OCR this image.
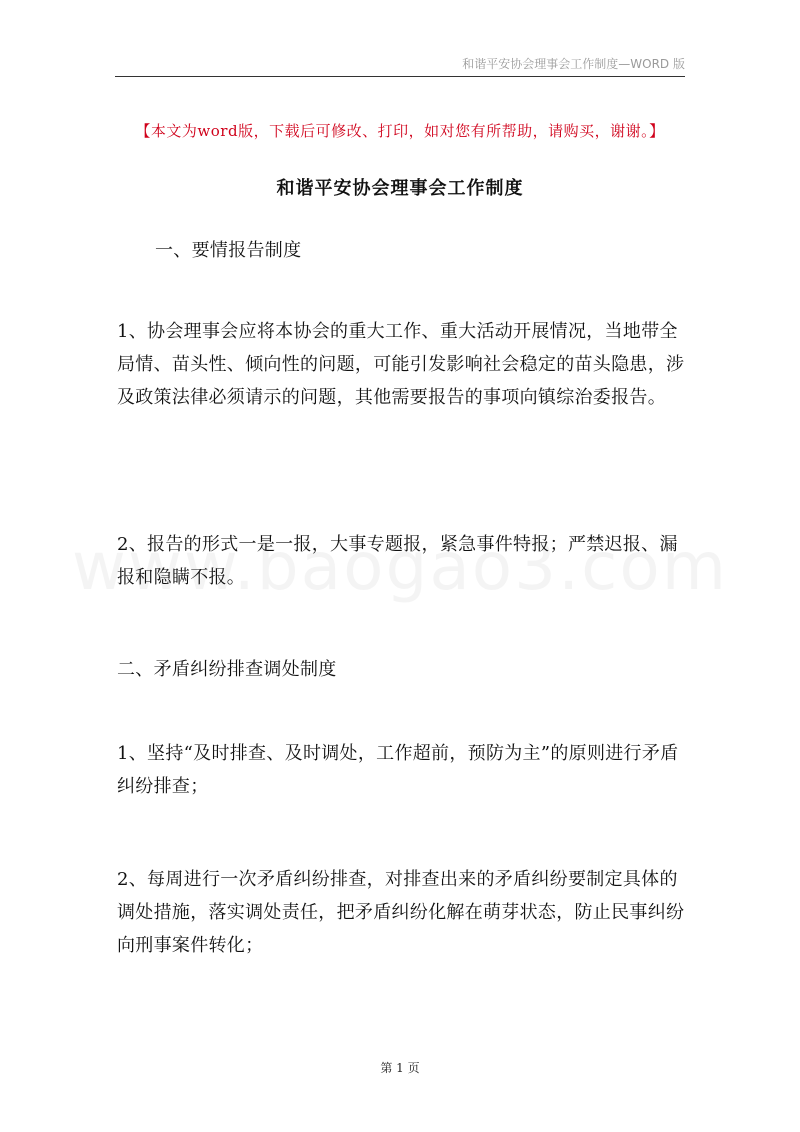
和谐平安协会理事会工作制度—WORD 版
【本文为word版，下载后可修改、打印，如对您有所帮助，请购买，谢谢。】
和谐平安协会理事会工作制度
一、要情报告制度
1、协会理事会应将本协会的重大工作、重大活动开展情况，当地带全局情、苗头性、倾向性的问题，可能引发影响社会稳定的苗头隐患，涉及政策法律必须请示的问题，其他需要报告的事项向镇综治委报告。
2、报告的形式一是一报，大事专题报，紧急事件特报；严禁迟报、漏报和隐瞒不报。
二、矛盾纠纷排查调处制度
1、坚持“及时排查、及时调处，工作超前，预防为主”的原则进行矛盾纠纷排查；
2、每周进行一次矛盾纠纷排查，对排查出来的矛盾纠纷要制定具体的调处措施，落实调处责任，把矛盾纠纷化解在萌芽状态，防止民事纠纷向刑事案件转化；
第 1 页
